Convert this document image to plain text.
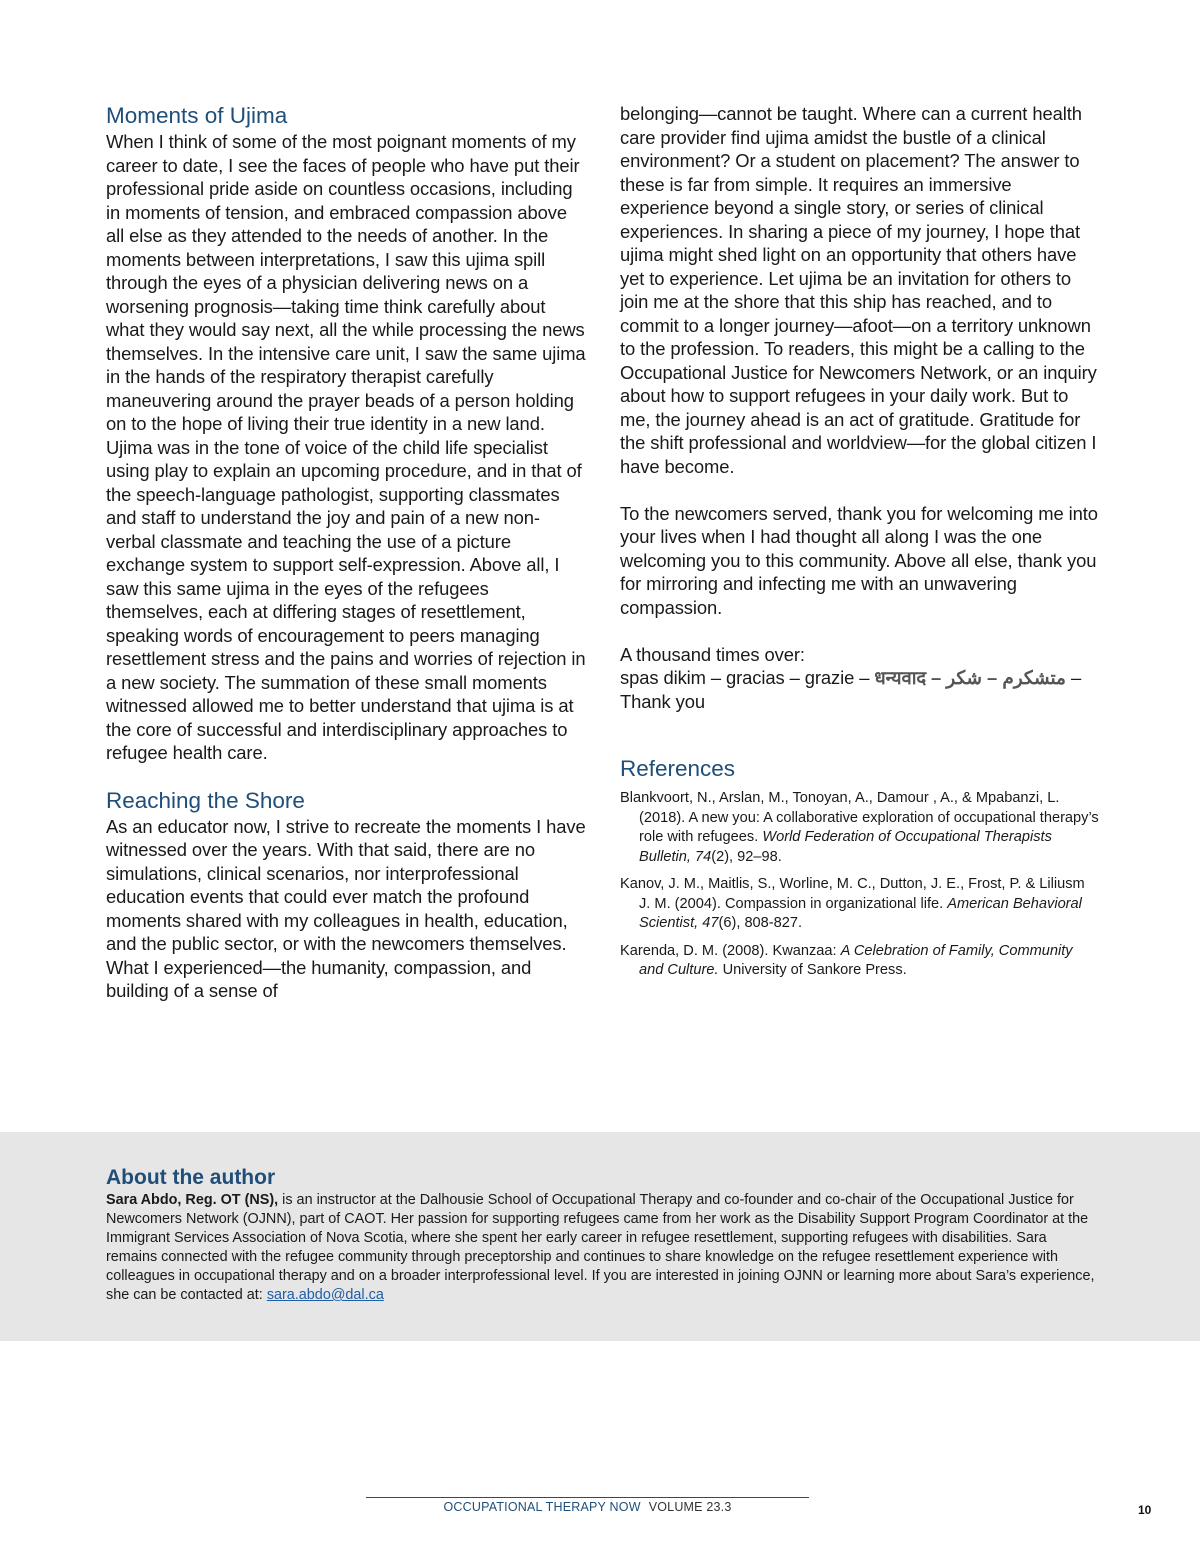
Moments of Ujima

When I think of some of the most poignant moments of my career to date, I see the faces of people who have put their professional pride aside on countless occasions, including in moments of tension, and embraced compassion above all else as they attended to the needs of another. In the moments between interpretations, I saw this ujima spill through the eyes of a physician delivering news on a worsening prognosis—taking time think carefully about what they would say next, all the while processing the news themselves. In the intensive care unit, I saw the same ujima in the hands of the respiratory therapist carefully maneuvering around the prayer beads of a person holding on to the hope of living their true identity in a new land. Ujima was in the tone of voice of the child life specialist using play to explain an upcoming procedure, and in that of the speech-language pathologist, supporting classmates and staff to understand the joy and pain of a new non-verbal classmate and teaching the use of a picture exchange system to support self-expression. Above all, I saw this same ujima in the eyes of the refugees themselves, each at differing stages of resettlement, speaking words of encouragement to peers managing resettlement stress and the pains and worries of rejection in a new society. The summation of these small moments witnessed allowed me to better understand that ujima is at the core of successful and interdisciplinary approaches to refugee health care.

Reaching the Shore

As an educator now, I strive to recreate the moments I have witnessed over the years. With that said, there are no simulations, clinical scenarios, nor interprofessional education events that could ever match the profound moments shared with my colleagues in health, education, and the public sector, or with the newcomers themselves. What I experienced—the humanity, compassion, and building of a sense of

belonging—cannot be taught. Where can a current health care provider find ujima amidst the bustle of a clinical environment? Or a student on placement? The answer to these is far from simple. It requires an immersive experience beyond a single story, or series of clinical experiences. In sharing a piece of my journey, I hope that ujima might shed light on an opportunity that others have yet to experience. Let ujima be an invitation for others to join me at the shore that this ship has reached, and to commit to a longer journey—afoot—on a territory unknown to the profession. To readers, this might be a calling to the Occupational Justice for Newcomers Network, or an inquiry about how to support refugees in your daily work. But to me, the journey ahead is an act of gratitude. Gratitude for the shift professional and worldview—for the global citizen I have become.

To the newcomers served, thank you for welcoming me into your lives when I had thought all along I was the one welcoming you to this community. Above all else, thank you for mirroring and infecting me with an unwavering compassion.

A thousand times over:

spas dikim – gracias – grazie – धन्यवाद – متشکرم – شکر – Thank you

References

Blankvoort, N., Arslan, M., Tonoyan, A., Damour , A., & Mpabanzi, L. (2018). A new you: A collaborative exploration of occupational therapy’s role with refugees. World Federation of Occupational Therapists Bulletin, 74(2), 92–98.

Kanov, J. M., Maitlis, S., Worline, M. C., Dutton, J. E., Frost, P. & Liliusm J. M. (2004). Compassion in organizational life. American Behavioral Scientist, 47(6), 808-827.

Karenda, D. M. (2008). Kwanzaa: A Celebration of Family, Community and Culture. University of Sankore Press.

About the author

Sara Abdo, Reg. OT (NS), is an instructor at the Dalhousie School of Occupational Therapy and co-founder and co-chair of the Occupational Justice for Newcomers Network (OJNN), part of CAOT. Her passion for supporting refugees came from her work as the Disability Support Program Coordinator at the Immigrant Services Association of Nova Scotia, where she spent her early career in refugee resettlement, supporting refugees with disabilities. Sara remains connected with the refugee community through preceptorship and continues to share knowledge on the refugee resettlement experience with colleagues in occupational therapy and on a broader interprofessional level. If you are interested in joining OJNN or learning more about Sara’s experience, she can be contacted at: sara.abdo@dal.ca

OCCUPATIONAL THERAPY NOW VOLUME 23.3	10
